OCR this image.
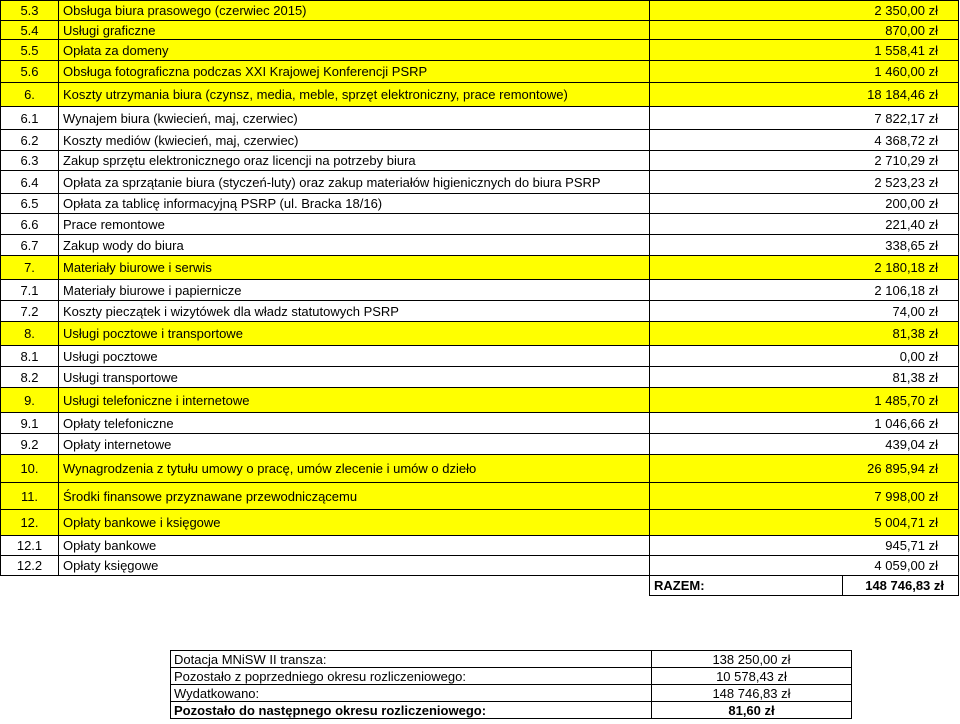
5.3	Obsługa biura prasowego (czerwiec 2015)	2 350,00 zł	
5.4	Usługi graficzne	870,00 zł	
5.5	Opłata za domeny	1 558,41 zł	
5.6	Obsługa fotograficzna podczas XXI Krajowej Konferencji PSRP	1 460,00 zł	
6.	Koszty utrzymania biura (czynsz, media, meble, sprzęt elektroniczny, prace remontowe)	18 184,46 zł	
6.1	Wynajem biura (kwiecień, maj, czerwiec)	7 822,17 zł	
6.2	Koszty mediów (kwiecień, maj, czerwiec)	4 368,72 zł	
6.3	Zakup sprzętu elektronicznego oraz licencji na potrzeby biura	2 710,29 zł	
6.4	Opłata za sprzątanie biura (styczeń-luty) oraz zakup materiałów higienicznych do biura PSRP	2 523,23 zł	
6.5	Opłata za tablicę informacyjną PSRP (ul. Bracka 18/16)	200,00 zł	
6.6	Prace remontowe	221,40 zł	
6.7	Zakup wody do biura	338,65 zł	
7.	Materiały biurowe i serwis	2 180,18 zł	
7.1	Materiały biurowe i papiernicze	2 106,18 zł	
7.2	Koszty pieczątek i wizytówek dla władz statutowych PSRP	74,00 zł	
8.	Usługi pocztowe i transportowe	81,38 zł	
8.1	Usługi pocztowe	0,00 zł	
8.2	Usługi transportowe	81,38 zł	
9.	Usługi telefoniczne i internetowe	1 485,70 zł	
9.1	Opłaty telefoniczne	1 046,66 zł	
9.2	Opłaty internetowe	439,04 zł	
10.	Wynagrodzenia z tytułu umowy o pracę, umów zlecenie i umów o dzieło	26 895,94 zł	
11.	Środki finansowe przyznawane przewodniczącemu	7 998,00 zł	
12.	Opłaty bankowe i księgowe	5 004,71 zł	
12.1	Opłaty bankowe	945,71 zł	
12.2	Opłaty księgowe	4 059,00 zł	
		RAZEM:	148 746,83 zł
Dotacja MNiSW II transza:	138 250,00 zł
Pozostało z poprzedniego okresu rozliczeniowego:	10 578,43 zł
Wydatkowano:	148 746,83 zł
Pozostało do następnego okresu rozliczeniowego:	81,60 zł
